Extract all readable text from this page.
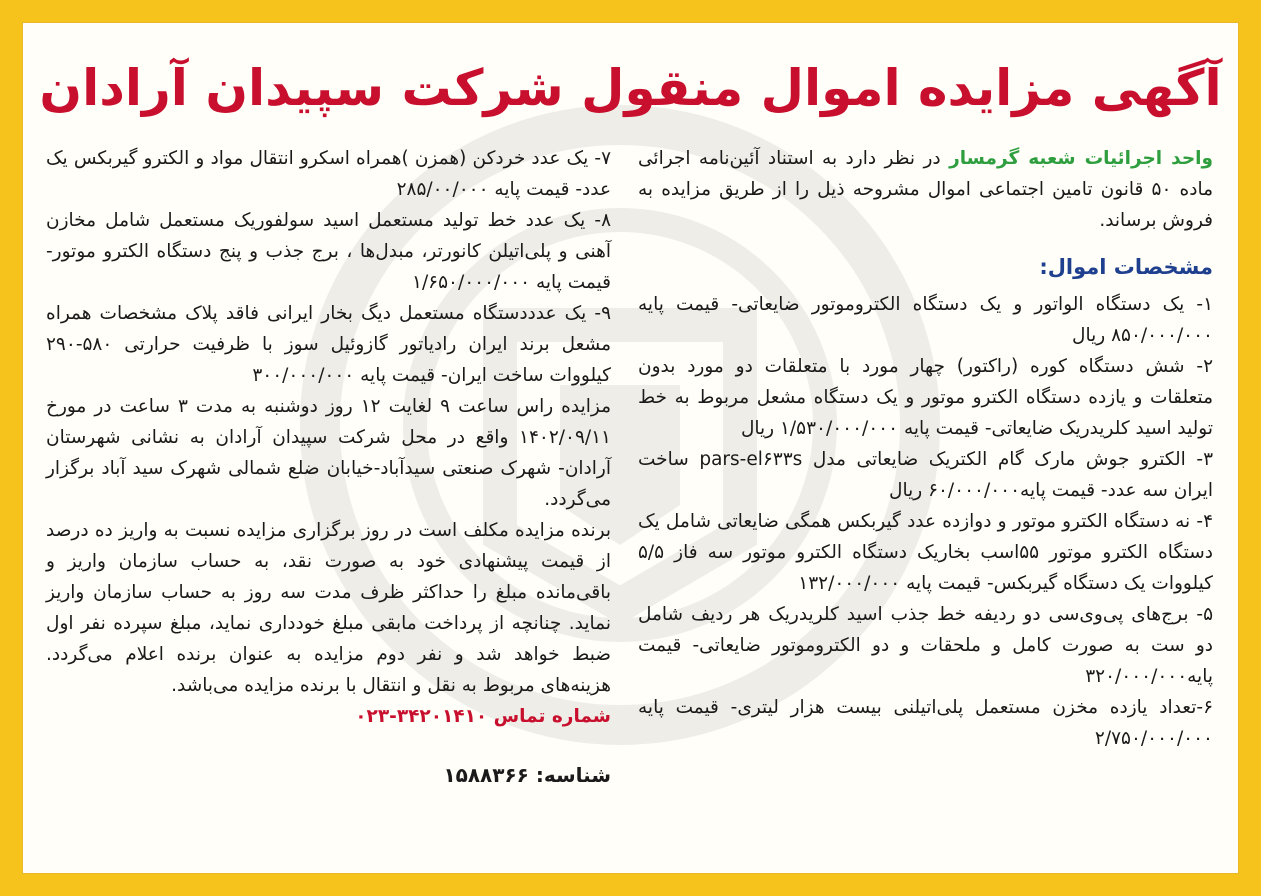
آگهی مزایده اموال منقول شرکت سپیدان آرادان

واحد اجرائیات شعبه گرمسار در نظر دارد به استناد آئین‌نامه اجرائی ماده ۵۰ قانون تامین اجتماعی اموال مشروحه ذیل را از طریق مزایده به فروش برساند.

مشخصات اموال:

۱- یک دستگاه الواتور و یک دستگاه الکتروموتور ضایعاتی- قیمت پایه ۸۵۰/۰۰۰/۰۰۰ ریال

۲- شش دستگاه کوره (راکتور) چهار مورد با متعلقات دو مورد بدون متعلقات و یازده دستگاه الکترو موتور و یک دستگاه مشعل مربوط به خط تولید اسید کلریدریک ضایعاتی- قیمت پایه ۱/۵۳۰/۰۰۰/۰۰۰ ریال

۳- الکترو جوش مارک گام الکتریک ضایعاتی مدل pars-el۶۳۳s ساخت ایران سه عدد- قیمت پایه۶۰/۰۰۰/۰۰۰ ریال

۴- نه دستگاه الکترو موتور و دوازده عدد گیربکس همگی ضایعاتی شامل یک دستگاه الکترو موتور ۵۵اسب بخاریک دستگاه الکترو موتور سه فاز ۵/۵ کیلووات یک دستگاه گیربکس- قیمت پایه ۱۳۲/۰۰۰/۰۰۰

۵- برج‌های پی‌وی‌سی دو ردیفه خط جذب اسید کلریدریک هر ردیف شامل دو ست به صورت کامل و ملحقات و دو الکتروموتور ضایعاتی- قیمت پایه۳۲۰/۰۰۰/۰۰۰

۶-تعداد یازده مخزن مستعمل پلی‌اتیلنی بیست هزار لیتری- قیمت پایه ۲/۷۵۰/۰۰۰/۰۰۰

۷- یک عدد خردکن (همزن )همراه اسکرو انتقال مواد و الکترو گیربکس یک عدد- قیمت پایه ۲۸۵/۰۰/۰۰۰

۸- یک عدد خط تولید مستعمل اسید سولفوریک مستعمل شامل مخازن آهنی و پلی‌اتیلن کانورتر، مبدل‌ها ، برج جذب و پنج دستگاه الکترو موتور- قیمت پایه ۱/۶۵۰/۰۰۰/۰۰۰

۹- یک عدددستگاه مستعمل دیگ بخار ایرانی فاقد پلاک مشخصات همراه مشعل برند ایران رادیاتور گازوئیل سوز با ظرفیت حرارتی ۵۸۰-۲۹۰ کیلووات ساخت ایران- قیمت پایه ۳۰۰/۰۰۰/۰۰۰

مزایده راس ساعت ۹ لغایت ۱۲ روز دوشنبه به مدت ۳ ساعت در مورخ ۱۴۰۲/۰۹/۱۱ واقع در محل شرکت سپیدان آرادان به نشانی شهرستان آرادان- شهرک صنعتی سیدآباد-خیابان ضلع شمالی شهرک سید آباد برگزار می‌گردد.

برنده مزایده مکلف است در روز برگزاری مزایده نسبت به واریز ده درصد از قیمت پیشنهادی خود به صورت نقد، به حساب سازمان واریز و باقی‌مانده مبلغ را حداکثر ظرف مدت سه روز به حساب سازمان واریز نماید. چنانچه از پرداخت مابقی مبلغ خودداری نماید، مبلغ سپرده نفر اول ضبط خواهد شد و نفر دوم مزایده به عنوان برنده اعلام می‌گردد. هزینه‌های مربوط به نقل و انتقال با برنده مزایده می‌باشد.

شماره تماس ۳۴۲۰۱۴۱۰-۰۲۳

شناسه: ۱۵۸۸۳۶۶
